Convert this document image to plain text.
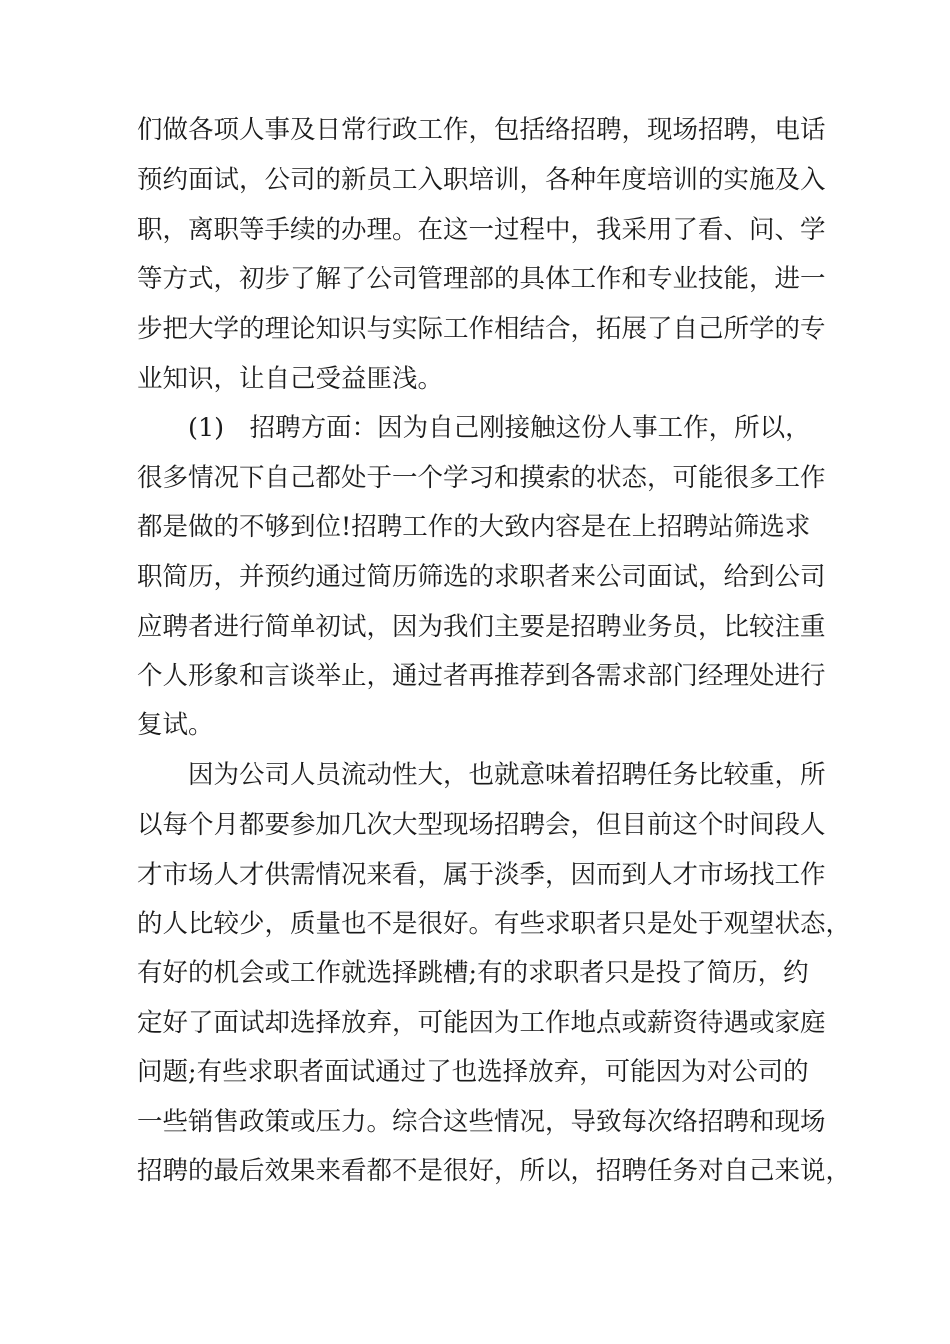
们做各项人事及日常行政工作，包括络招聘，现场招聘，电话
预约面试，公司的新员工入职培训，各种年度培训的实施及入
职，离职等手续的办理。在这一过程中，我采用了看、问、学
等方式，初步了解了公司管理部的具体工作和专业技能，进一
步把大学的理论知识与实际工作相结合，拓展了自己所学的专
业知识，让自己受益匪浅。
(1)　招聘方面：因为自己刚接触这份人事工作，所以，
很多情况下自己都处于一个学习和摸索的状态，可能很多工作
都是做的不够到位!招聘工作的大致内容是在上招聘站筛选求
职简历，并预约通过简历筛选的求职者来公司面试，给到公司
应聘者进行简单初试，因为我们主要是招聘业务员，比较注重
个人形象和言谈举止，通过者再推荐到各需求部门经理处进行
复试。
因为公司人员流动性大，也就意味着招聘任务比较重，所
以每个月都要参加几次大型现场招聘会，但目前这个时间段人
才市场人才供需情况来看，属于淡季，因而到人才市场找工作
的人比较少，质量也不是很好。有些求职者只是处于观望状态，
有好的机会或工作就选择跳槽;有的求职者只是投了简历，约
定好了面试却选择放弃，可能因为工作地点或薪资待遇或家庭
问题;有些求职者面试通过了也选择放弃，可能因为对公司的
一些销售政策或压力。综合这些情况，导致每次络招聘和现场
招聘的最后效果来看都不是很好，所以，招聘任务对自己来说，
